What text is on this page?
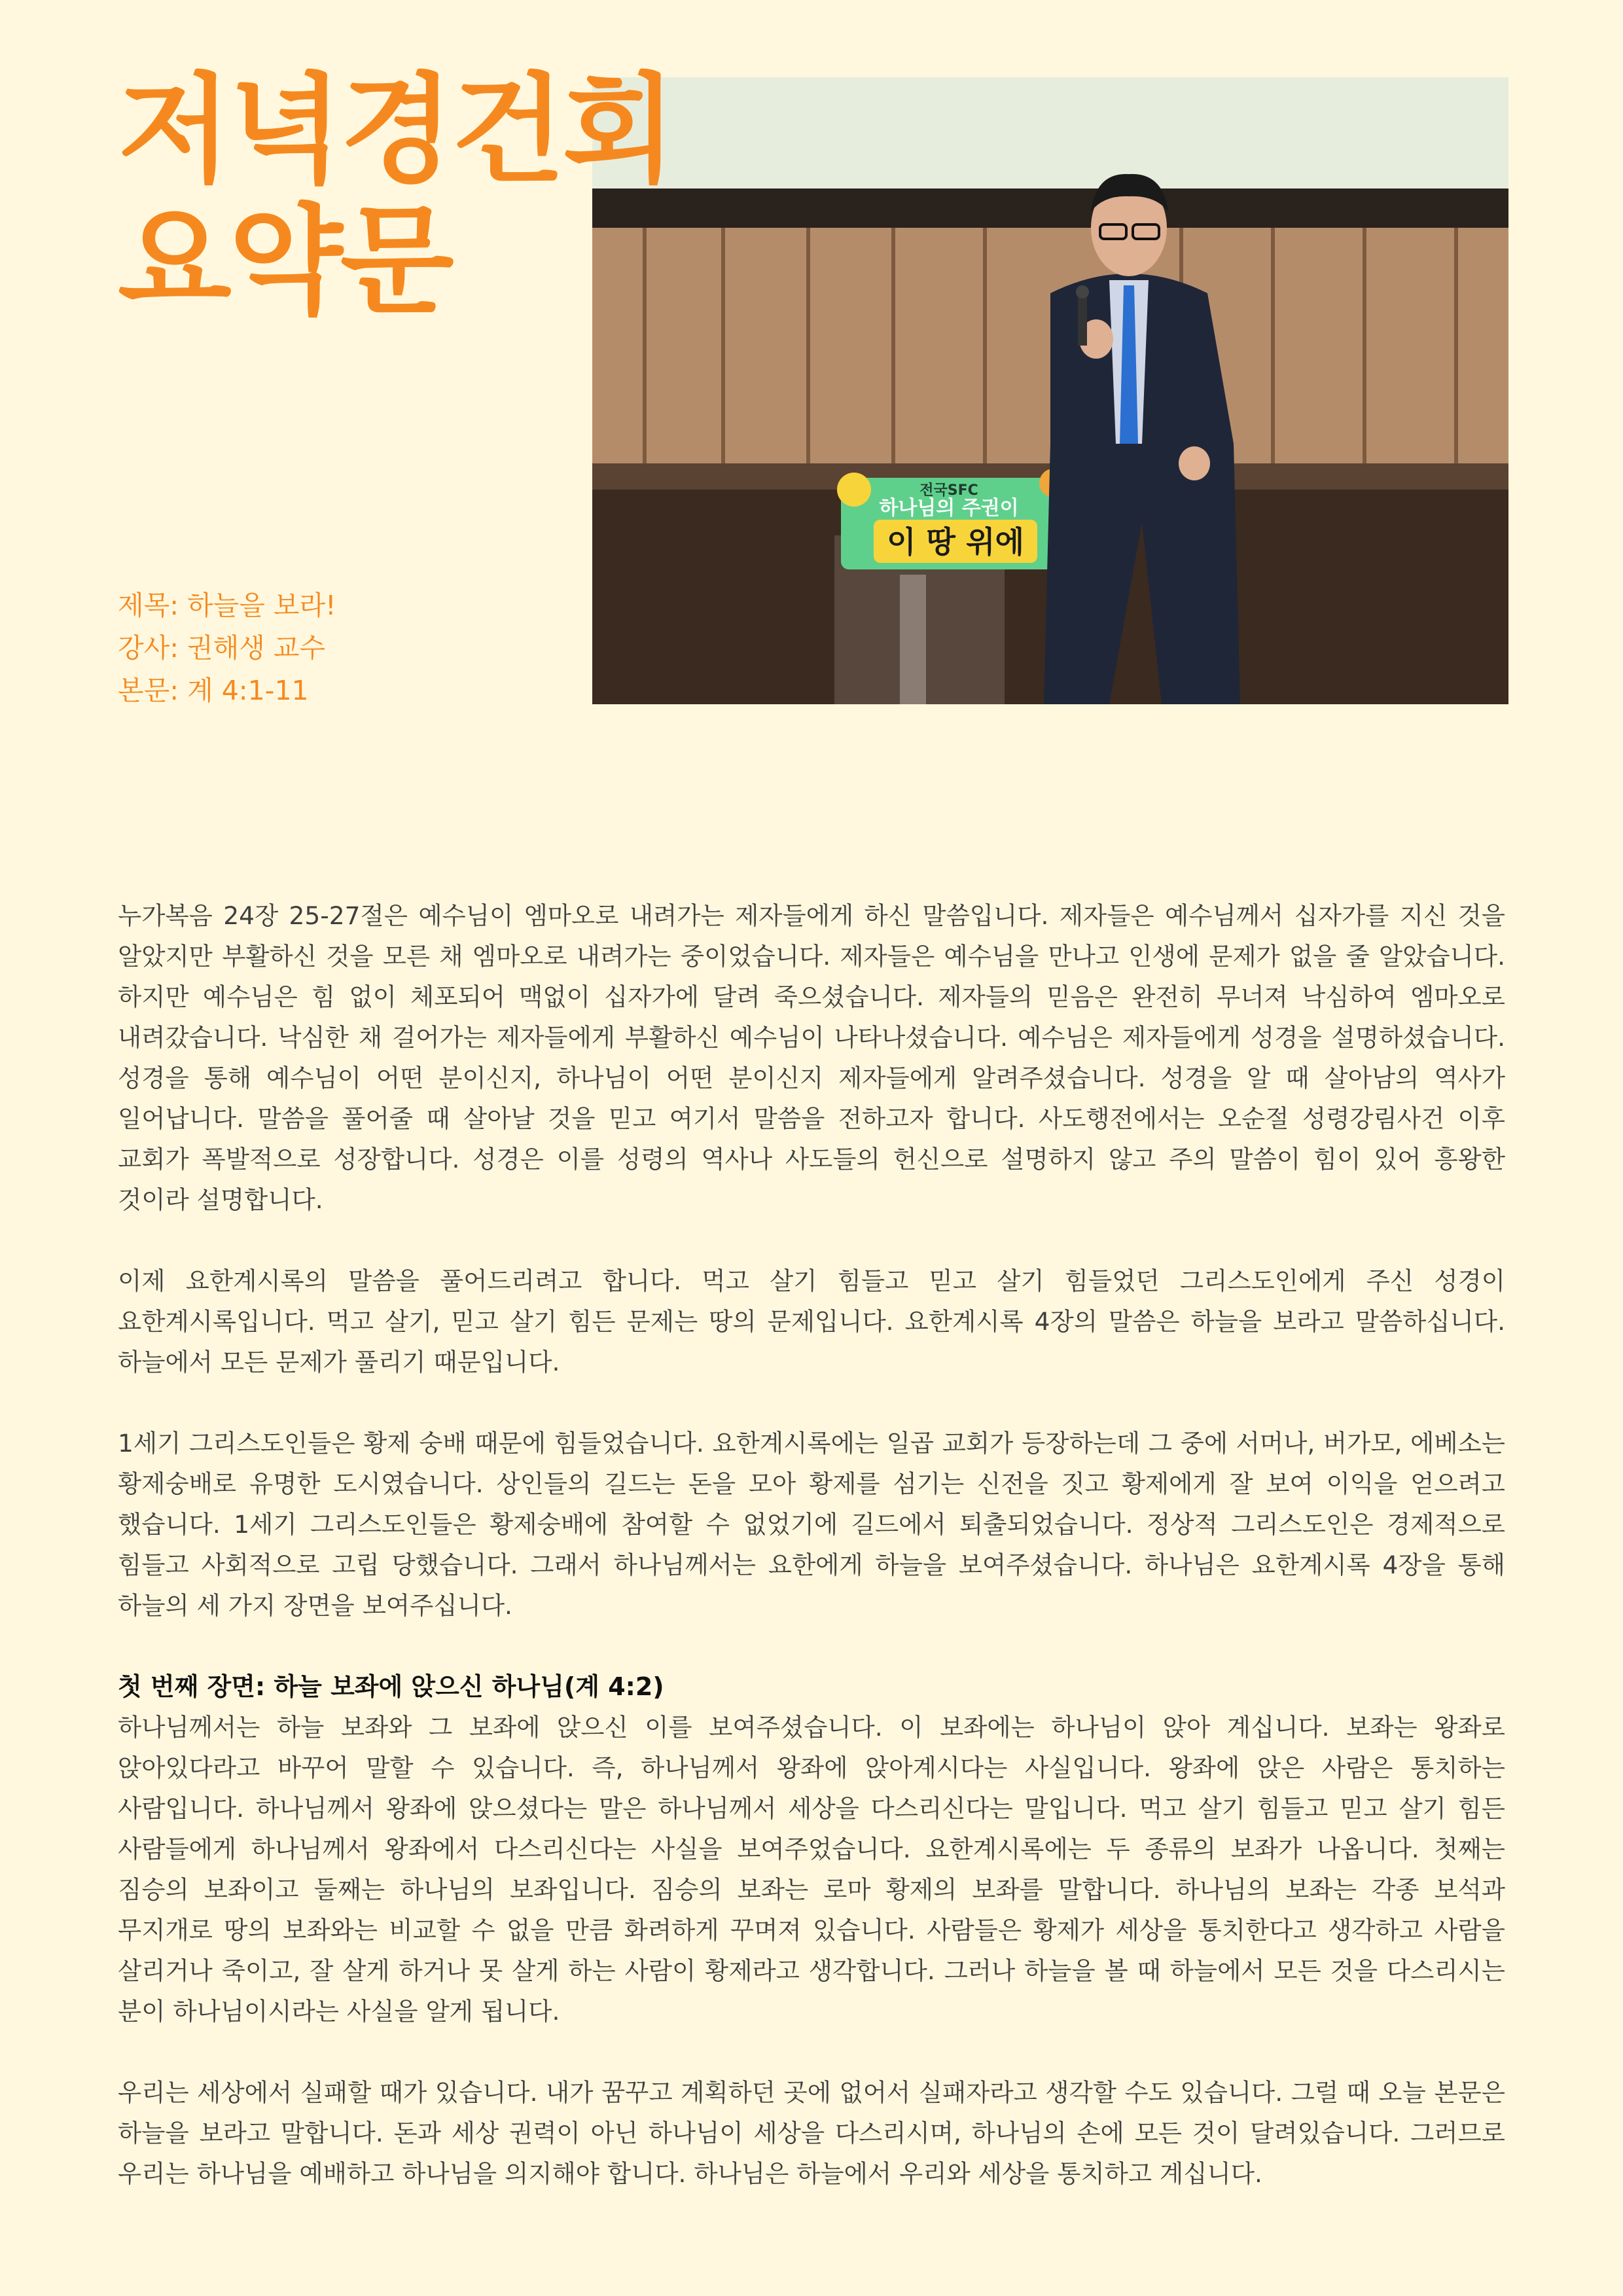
저녁경건회
요약문
전국SFC
하나님의 주권이
이 땅 위에
제목: 하늘을 보라!
강사: 권해생 교수
본문: 계 4:1-11

누가복음 24장 25-27절은 예수님이 엠마오로 내려가는 제자들에게 하신 말씀입니다. 제자들은 예수님께서 십자가를 지신 것을 알았지만 부활하신 것을 모른 채 엠마오로 내려가는 중이었습니다. 제자들은 예수님을 만나고 인생에 문제가 없을 줄 알았습니다. 하지만 예수님은 힘 없이 체포되어 맥없이 십자가에 달려 죽으셨습니다. 제자들의 믿음은 완전히 무너져 낙심하여 엠마오로 내려갔습니다. 낙심한 채 걸어가는 제자들에게 부활하신 예수님이 나타나셨습니다. 예수님은 제자들에게 성경을 설명하셨습니다. 성경을 통해 예수님이 어떤 분이신지, 하나님이 어떤 분이신지 제자들에게 알려주셨습니다. 성경을 알 때 살아남의 역사가 일어납니다. 말씀을 풀어줄 때 살아날 것을 믿고 여기서 말씀을 전하고자 합니다. 사도행전에서는 오순절 성령강림사건 이후 교회가 폭발적으로 성장합니다. 성경은 이를 성령의 역사나 사도들의 헌신으로 설명하지 않고 주의 말씀이 힘이 있어 흥왕한 것이라 설명합니다.

이제 요한계시록의 말씀을 풀어드리려고 합니다. 먹고 살기 힘들고 믿고 살기 힘들었던 그리스도인에게 주신 성경이 요한계시록입니다. 먹고 살기, 믿고 살기 힘든 문제는 땅의 문제입니다. 요한계시록 4장의 말씀은 하늘을 보라고 말씀하십니다. 하늘에서 모든 문제가 풀리기 때문입니다.

1세기 그리스도인들은 황제 숭배 때문에 힘들었습니다. 요한계시록에는 일곱 교회가 등장하는데 그 중에 서머나, 버가모, 에베소는 황제숭배로 유명한 도시였습니다. 상인들의 길드는 돈을 모아 황제를 섬기는 신전을 짓고 황제에게 잘 보여 이익을 얻으려고 했습니다. 1세기 그리스도인들은 황제숭배에 참여할 수 없었기에 길드에서 퇴출되었습니다. 정상적 그리스도인은 경제적으로 힘들고 사회적으로 고립 당했습니다. 그래서 하나님께서는 요한에게 하늘을 보여주셨습니다. 하나님은 요한계시록 4장을 통해 하늘의 세 가지 장면을 보여주십니다.

첫 번째 장면: 하늘 보좌에 앉으신 하나님(계 4:2)

하나님께서는 하늘 보좌와 그 보좌에 앉으신 이를 보여주셨습니다. 이 보좌에는 하나님이 앉아 계십니다. 보좌는 왕좌로 앉아있다라고 바꾸어 말할 수 있습니다. 즉, 하나님께서 왕좌에 앉아계시다는 사실입니다. 왕좌에 앉은 사람은 통치하는 사람입니다. 하나님께서 왕좌에 앉으셨다는 말은 하나님께서 세상을 다스리신다는 말입니다. 먹고 살기 힘들고 믿고 살기 힘든 사람들에게 하나님께서 왕좌에서 다스리신다는 사실을 보여주었습니다. 요한계시록에는 두 종류의 보좌가 나옵니다. 첫째는 짐승의 보좌이고 둘째는 하나님의 보좌입니다. 짐승의 보좌는 로마 황제의 보좌를 말합니다. 하나님의 보좌는 각종 보석과 무지개로 땅의 보좌와는 비교할 수 없을 만큼 화려하게 꾸며져 있습니다. 사람들은 황제가 세상을 통치한다고 생각하고 사람을 살리거나 죽이고, 잘 살게 하거나 못 살게 하는 사람이 황제라고 생각합니다. 그러나 하늘을 볼 때 하늘에서 모든 것을 다스리시는 분이 하나님이시라는 사실을 알게 됩니다.

우리는 세상에서 실패할 때가 있습니다. 내가 꿈꾸고 계획하던 곳에 없어서 실패자라고 생각할 수도 있습니다. 그럴 때 오늘 본문은 하늘을 보라고 말합니다. 돈과 세상 권력이 아닌 하나님이 세상을 다스리시며, 하나님의 손에 모든 것이 달려있습니다. 그러므로 우리는 하나님을 예배하고 하나님을 의지해야 합니다. 하나님은 하늘에서 우리와 세상을 통치하고 계십니다.
